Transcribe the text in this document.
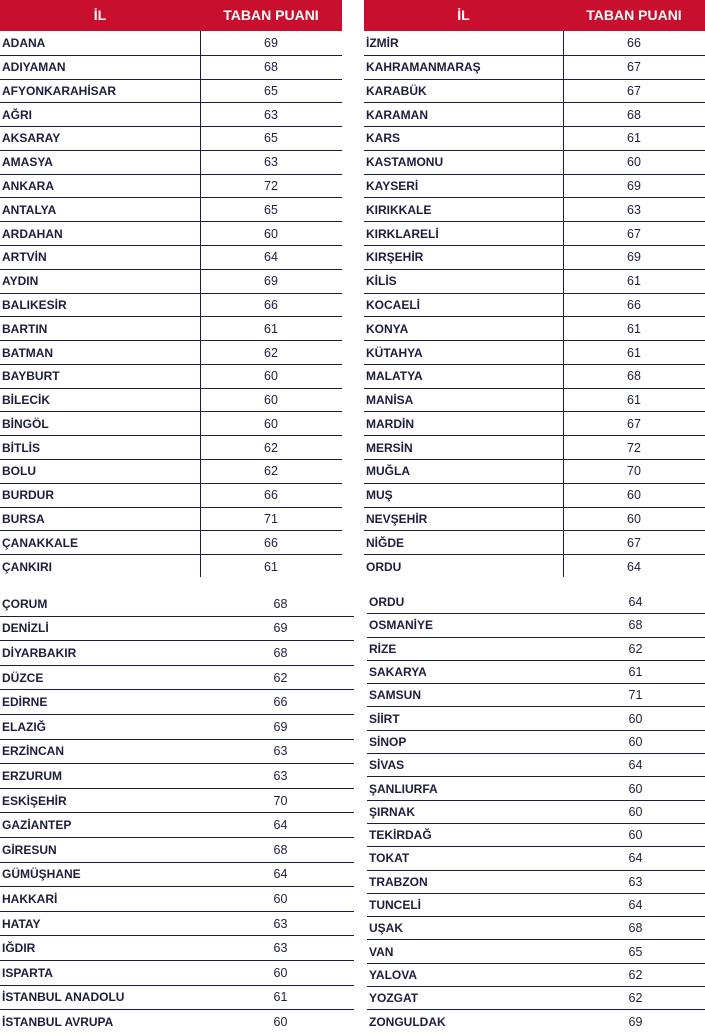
İL	TABAN PUANI
ADANA	69
ADIYAMAN	68
AFYONKARAHİSAR	65
AĞRI	63
AKSARAY	65
AMASYA	63
ANKARA	72
ANTALYA	65
ARDAHAN	60
ARTVİN	64
AYDIN	69
BALIKESİR	66
BARTIN	61
BATMAN	62
BAYBURT	60
BİLECİK	60
BİNGÖL	60
BİTLİS	62
BOLU	62
BURDUR	66
BURSA	71
ÇANAKKALE	66
ÇANKIRI	61
İL	TABAN PUANI
İZMİR	66
KAHRAMANMARAŞ	67
KARABÜK	67
KARAMAN	68
KARS	61
KASTAMONU	60
KAYSERİ	69
KIRIKKALE	63
KIRKLARELİ	67
KIRŞEHİR	69
KİLİS	61
KOCAELİ	66
KONYA	61
KÜTAHYA	61
MALATYA	68
MANİSA	61
MARDİN	67
MERSİN	72
MUĞLA	70
MUŞ	60
NEVŞEHİR	60
NİĞDE	67
ORDU	64
ÇORUM	68
DENİZLİ	69
DİYARBAKIR	68
DÜZCE	62
EDİRNE	66
ELAZIĞ	69
ERZİNCAN	63
ERZURUM	63
ESKİŞEHİR	70
GAZİANTEP	64
GİRESUN	68
GÜMÜŞHANE	64
HAKKARİ	60
HATAY	63
IĞDIR	63
ISPARTA	60
İSTANBUL ANADOLU	61
İSTANBUL AVRUPA	60
ORDU	64
OSMANİYE	68
RİZE	62
SAKARYA	61
SAMSUN	71
SİİRT	60
SİNOP	60
SİVAS	64
ŞANLIURFA	60
ŞIRNAK	60
TEKİRDAĞ	60
TOKAT	64
TRABZON	63
TUNCELİ	64
UŞAK	68
VAN	65
YALOVA	62
YOZGAT	62
ZONGULDAK	69
